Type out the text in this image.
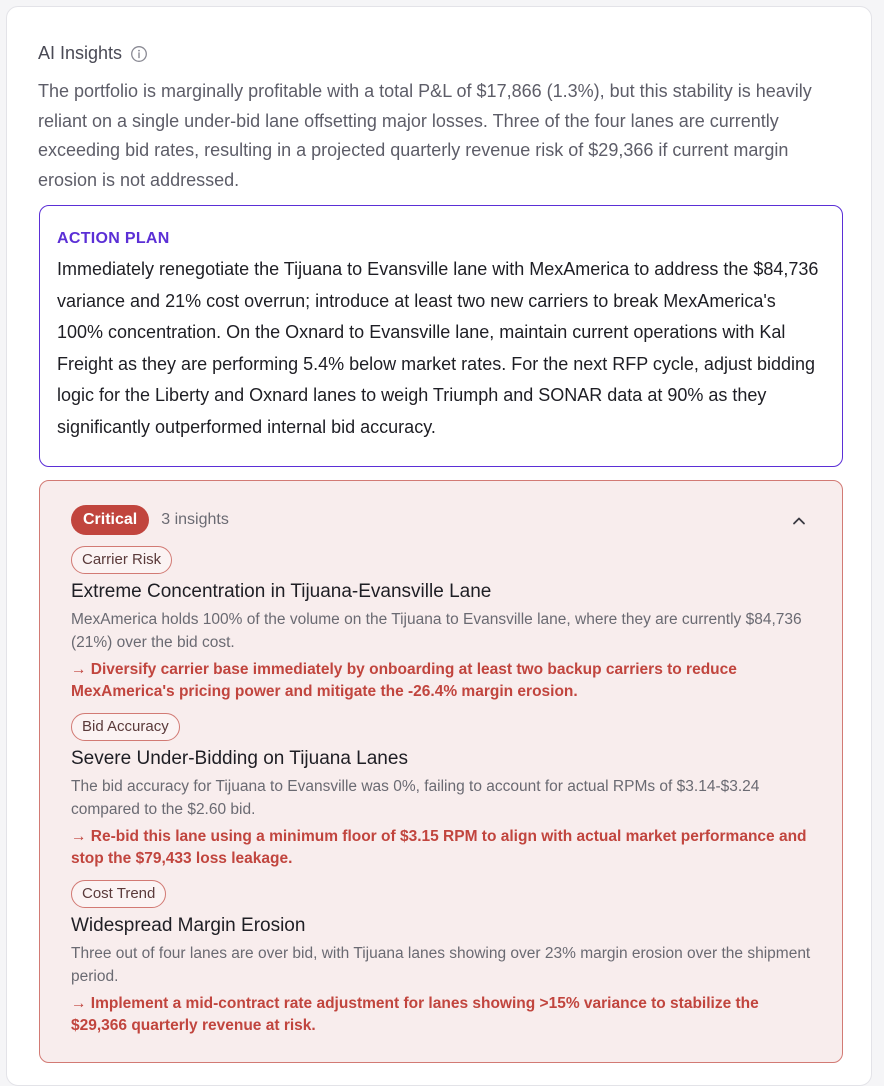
AI Insights
The portfolio is marginally profitable with a total P&L of $17,866 (1.3%), but this stability is heavily reliant on a single under-bid lane offsetting major losses. Three of the four lanes are currently exceeding bid rates, resulting in a projected quarterly revenue risk of $29,366 if current margin erosion is not addressed.
ACTION PLAN
Immediately renegotiate the Tijuana to Evansville lane with MexAmerica to address the $84,736 variance and 21% cost overrun; introduce at least two new carriers to break MexAmerica's 100% concentration. On the Oxnard to Evansville lane, maintain current operations with Kal Freight as they are performing 5.4% below market rates. For the next RFP cycle, adjust bidding logic for the Liberty and Oxnard lanes to weigh Triumph and SONAR data at 90% as they significantly outperformed internal bid accuracy.
Critical	3 insights
Carrier Risk
Extreme Concentration in Tijuana-Evansville Lane
MexAmerica holds 100% of the volume on the Tijuana to Evansville lane, where they are currently $84,736 (21%) over the bid cost.
→ Diversify carrier base immediately by onboarding at least two backup carriers to reduce MexAmerica's pricing power and mitigate the -26.4% margin erosion.
Bid Accuracy
Severe Under-Bidding on Tijuana Lanes
The bid accuracy for Tijuana to Evansville was 0%, failing to account for actual RPMs of $3.14-$3.24 compared to the $2.60 bid.
→ Re-bid this lane using a minimum floor of $3.15 RPM to align with actual market performance and stop the $79,433 loss leakage.
Cost Trend
Widespread Margin Erosion
Three out of four lanes are over bid, with Tijuana lanes showing over 23% margin erosion over the shipment period.
→ Implement a mid-contract rate adjustment for lanes showing >15% variance to stabilize the $29,366 quarterly revenue at risk.
